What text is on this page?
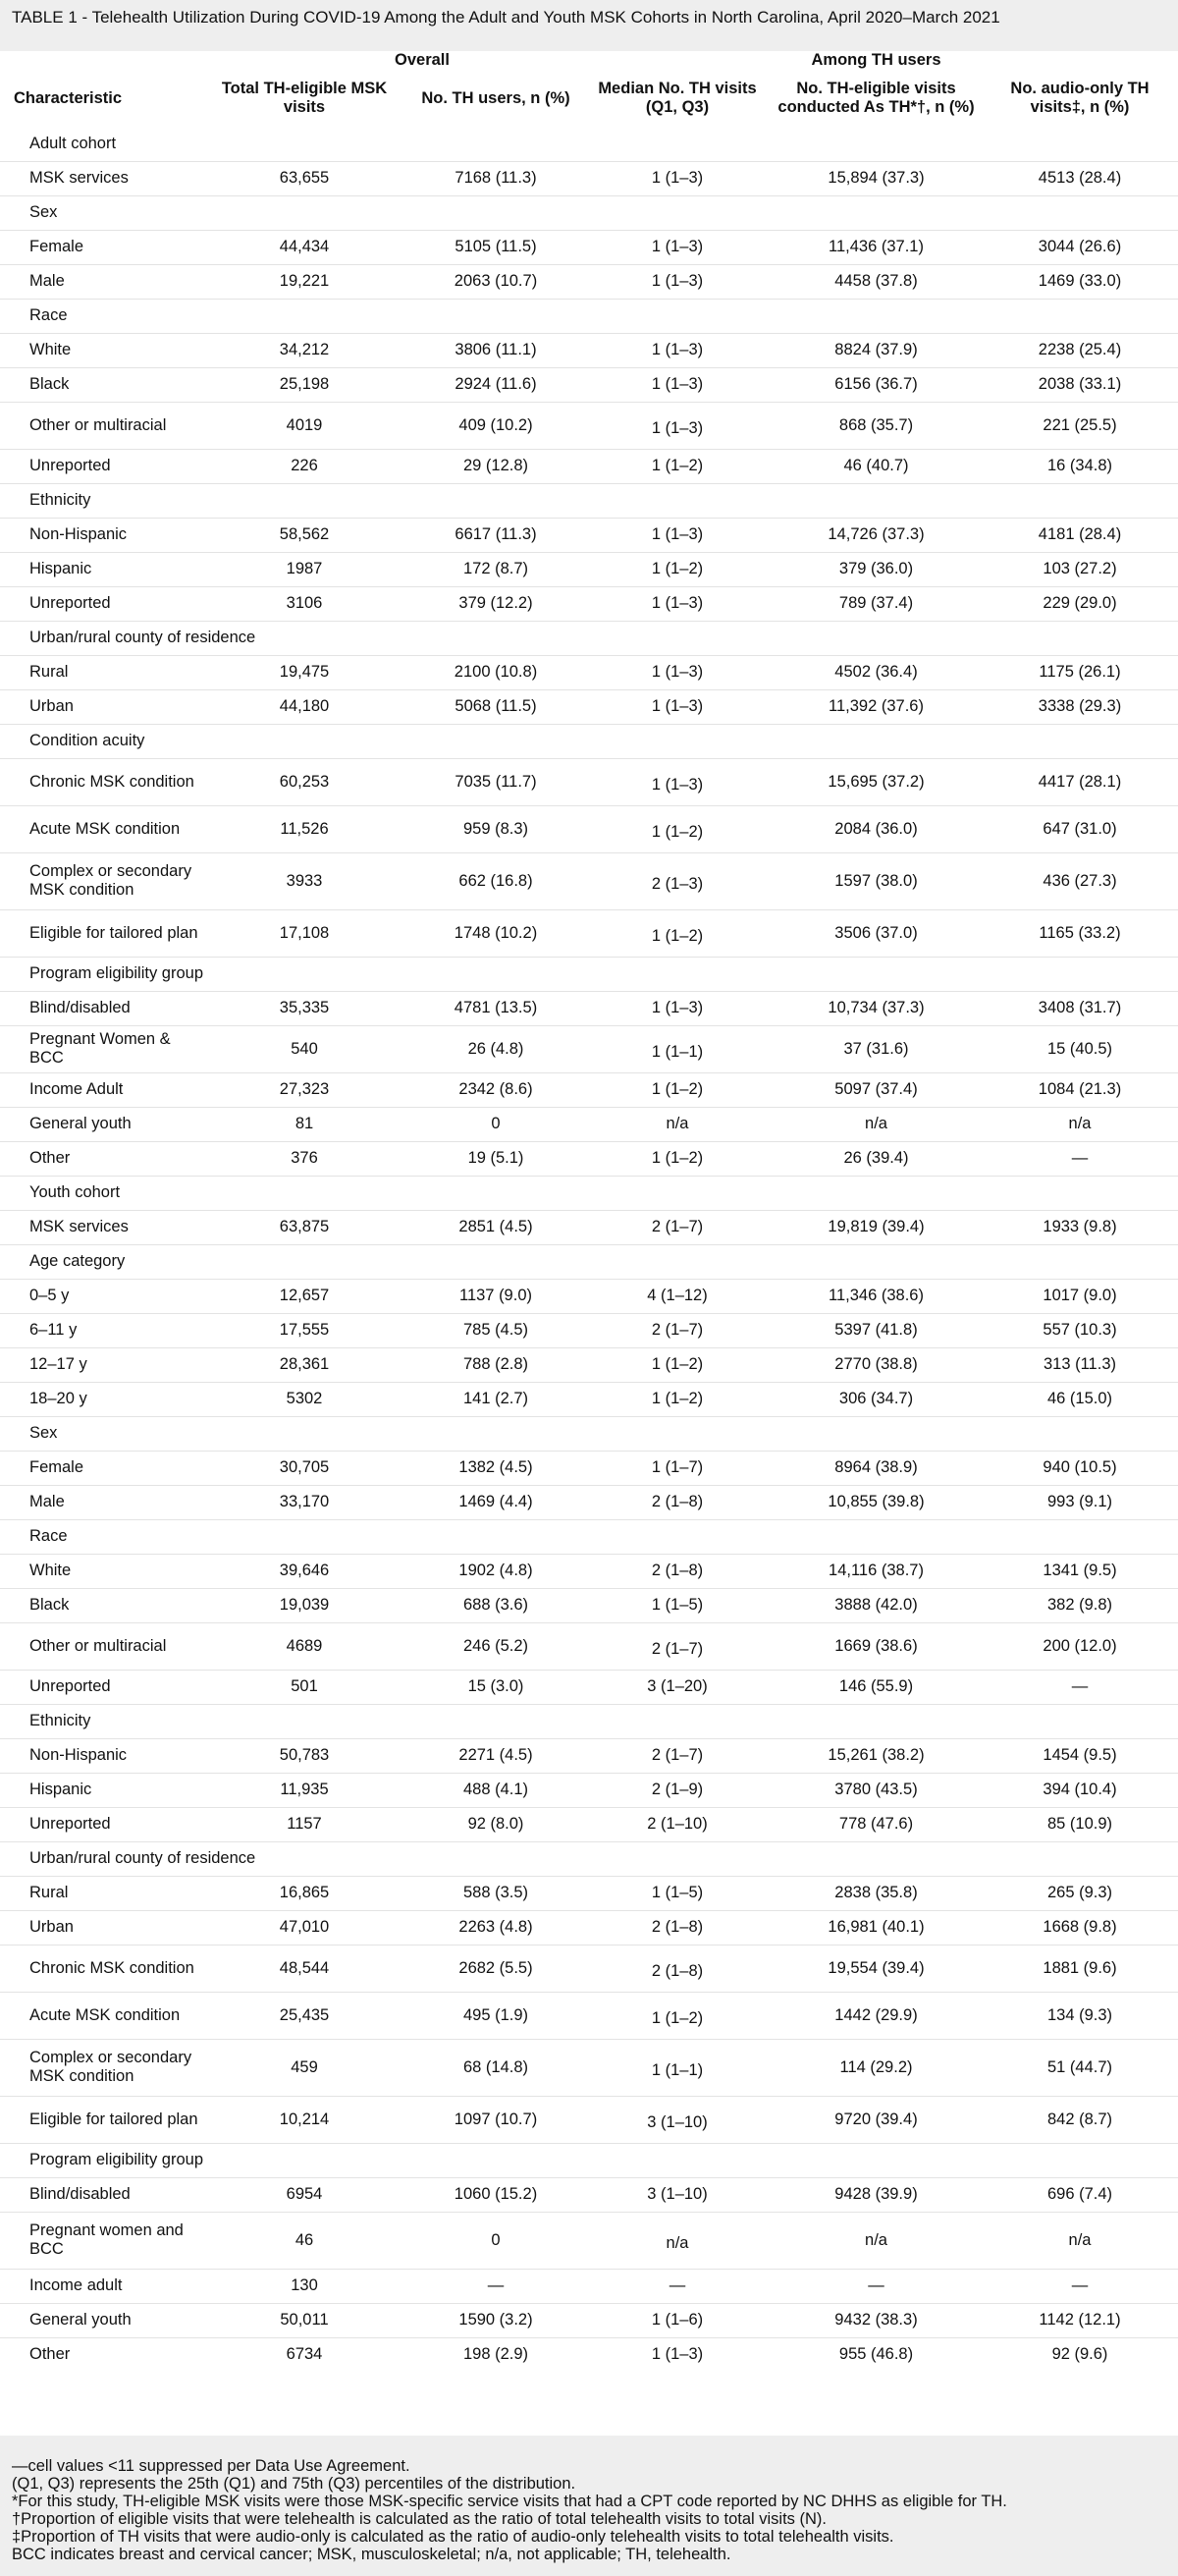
TABLE 1 - Telehealth Utilization During COVID-19 Among the Adult and Youth MSK Cohorts in North Carolina, April 2020–March 2021
	Overall			Among TH users	
Characteristic	Total TH-eligible MSK visits	No. TH users, n (%)	Median No. TH visits (Q1, Q3)	No. TH-eligible visits conducted As TH*†, n (%)	No. audio-only TH visits‡, n (%)
Adult cohort					
MSK services	63,655	7168 (11.3)	1 (1–3)	15,894 (37.3)	4513 (28.4)
Sex					
Female	44,434	5105 (11.5)	1 (1–3)	11,436 (37.1)	3044 (26.6)
Male	19,221	2063 (10.7)	1 (1–3)	4458 (37.8)	1469 (33.0)
Race					
White	34,212	3806 (11.1)	1 (1–3)	8824 (37.9)	2238 (25.4)
Black	25,198	2924 (11.6)	1 (1–3)	6156 (36.7)	2038 (33.1)
Other or multiracial	4019	409 (10.2)	1 (1–3)	868 (35.7)	221 (25.5)
Unreported	226	29 (12.8)	1 (1–2)	46 (40.7)	16 (34.8)
Ethnicity					
Non-Hispanic	58,562	6617 (11.3)	1 (1–3)	14,726 (37.3)	4181 (28.4)
Hispanic	1987	172 (8.7)	1 (1–2)	379 (36.0)	103 (27.2)
Unreported	3106	379 (12.2)	1 (1–3)	789 (37.4)	229 (29.0)
Urban/rural county of residence					
Rural	19,475	2100 (10.8)	1 (1–3)	4502 (36.4)	1175 (26.1)
Urban	44,180	5068 (11.5)	1 (1–3)	11,392 (37.6)	3338 (29.3)
Condition acuity					
Chronic MSK condition	60,253	7035 (11.7)	1 (1–3)	15,695 (37.2)	4417 (28.1)
Acute MSK condition	11,526	959 (8.3)	1 (1–2)	2084 (36.0)	647 (31.0)
Complex or secondary MSK condition	3933	662 (16.8)	2 (1–3)	1597 (38.0)	436 (27.3)
Eligible for tailored plan	17,108	1748 (10.2)	1 (1–2)	3506 (37.0)	1165 (33.2)
Program eligibility group					
Blind/disabled	35,335	4781 (13.5)	1 (1–3)	10,734 (37.3)	3408 (31.7)
Pregnant Women & BCC	540	26 (4.8)	1 (1–1)	37 (31.6)	15 (40.5)
Income Adult	27,323	2342 (8.6)	1 (1–2)	5097 (37.4)	1084 (21.3)
General youth	81	0	n/a	n/a	n/a
Other	376	19 (5.1)	1 (1–2)	26 (39.4)	—
Youth cohort					
MSK services	63,875	2851 (4.5)	2 (1–7)	19,819 (39.4)	1933 (9.8)
Age category					
0–5 y	12,657	1137 (9.0)	4 (1–12)	11,346 (38.6)	1017 (9.0)
6–11 y	17,555	785 (4.5)	2 (1–7)	5397 (41.8)	557 (10.3)
12–17 y	28,361	788 (2.8)	1 (1–2)	2770 (38.8)	313 (11.3)
18–20 y	5302	141 (2.7)	1 (1–2)	306 (34.7)	46 (15.0)
Sex					
Female	30,705	1382 (4.5)	1 (1–7)	8964 (38.9)	940 (10.5)
Male	33,170	1469 (4.4)	2 (1–8)	10,855 (39.8)	993 (9.1)
Race					
White	39,646	1902 (4.8)	2 (1–8)	14,116 (38.7)	1341 (9.5)
Black	19,039	688 (3.6)	1 (1–5)	3888 (42.0)	382 (9.8)
Other or multiracial	4689	246 (5.2)	2 (1–7)	1669 (38.6)	200 (12.0)
Unreported	501	15 (3.0)	3 (1–20)	146 (55.9)	—
Ethnicity					
Non-Hispanic	50,783	2271 (4.5)	2 (1–7)	15,261 (38.2)	1454 (9.5)
Hispanic	11,935	488 (4.1)	2 (1–9)	3780 (43.5)	394 (10.4)
Unreported	1157	92 (8.0)	2 (1–10)	778 (47.6)	85 (10.9)
Urban/rural county of residence					
Rural	16,865	588 (3.5)	1 (1–5)	2838 (35.8)	265 (9.3)
Urban	47,010	2263 (4.8)	2 (1–8)	16,981 (40.1)	1668 (9.8)
Chronic MSK condition	48,544	2682 (5.5)	2 (1–8)	19,554 (39.4)	1881 (9.6)
Acute MSK condition	25,435	495 (1.9)	1 (1–2)	1442 (29.9)	134 (9.3)
Complex or secondary MSK condition	459	68 (14.8)	1 (1–1)	114 (29.2)	51 (44.7)
Eligible for tailored plan	10,214	1097 (10.7)	3 (1–10)	9720 (39.4)	842 (8.7)
Program eligibility group					
Blind/disabled	6954	1060 (15.2)	3 (1–10)	9428 (39.9)	696 (7.4)
Pregnant women and BCC	46	0	n/a	n/a	n/a
Income adult	130	—	—	—	—
General youth	50,011	1590 (3.2)	1 (1–6)	9432 (38.3)	1142 (12.1)
Other	6734	198 (2.9)	1 (1–3)	955 (46.8)	92 (9.6)
—cell values <11 suppressed per Data Use Agreement.
(Q1, Q3) represents the 25th (Q1) and 75th (Q3) percentiles of the distribution.
*For this study, TH-eligible MSK visits were those MSK-specific service visits that had a CPT code reported by NC DHHS as eligible for TH.
†Proportion of eligible visits that were telehealth is calculated as the ratio of total telehealth visits to total visits (N).
‡Proportion of TH visits that were audio-only is calculated as the ratio of audio-only telehealth visits to total telehealth visits.
BCC indicates breast and cervical cancer; MSK, musculoskeletal; n/a, not applicable; TH, telehealth.
